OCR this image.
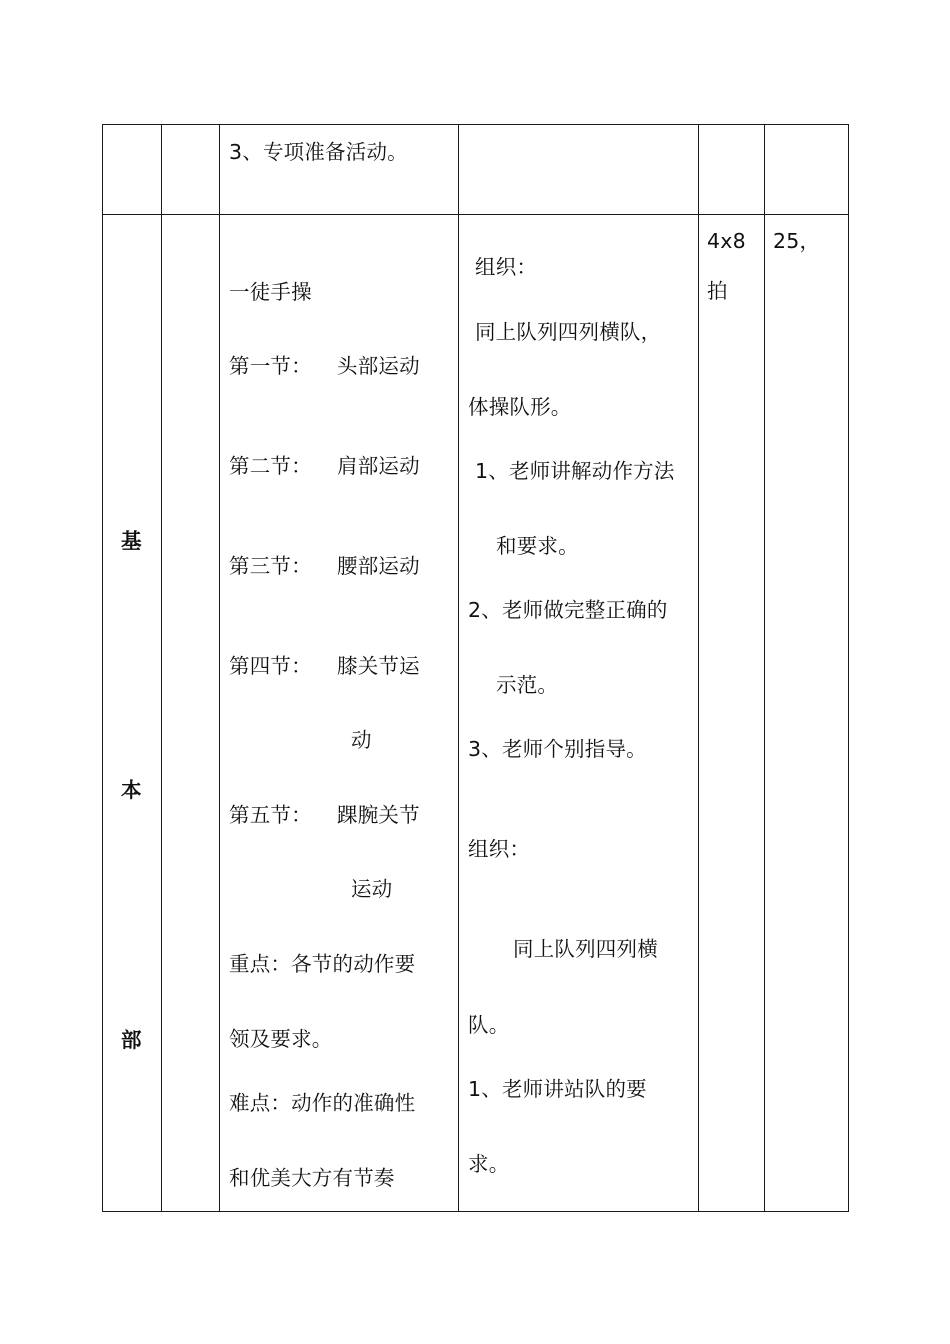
3、专项准备活动。
基
本
部
一徒手操
第一节： 头部运动
第二节： 肩部运动
第三节： 腰部运动
第四节： 膝关节运
动
第五节： 踝腕关节
运动
重点：各节的动作要
领及要求。
难点：动作的准确性
和优美大方有节奏
组织：
同上队列四列横队，
体操队形。
1、老师讲解动作方法
和要求。
2、老师做完整正确的
示范。
3、老师个别指导。
组织：
同上队列四列横
队。
1、老师讲站队的要
求。
4x8
拍
25，
